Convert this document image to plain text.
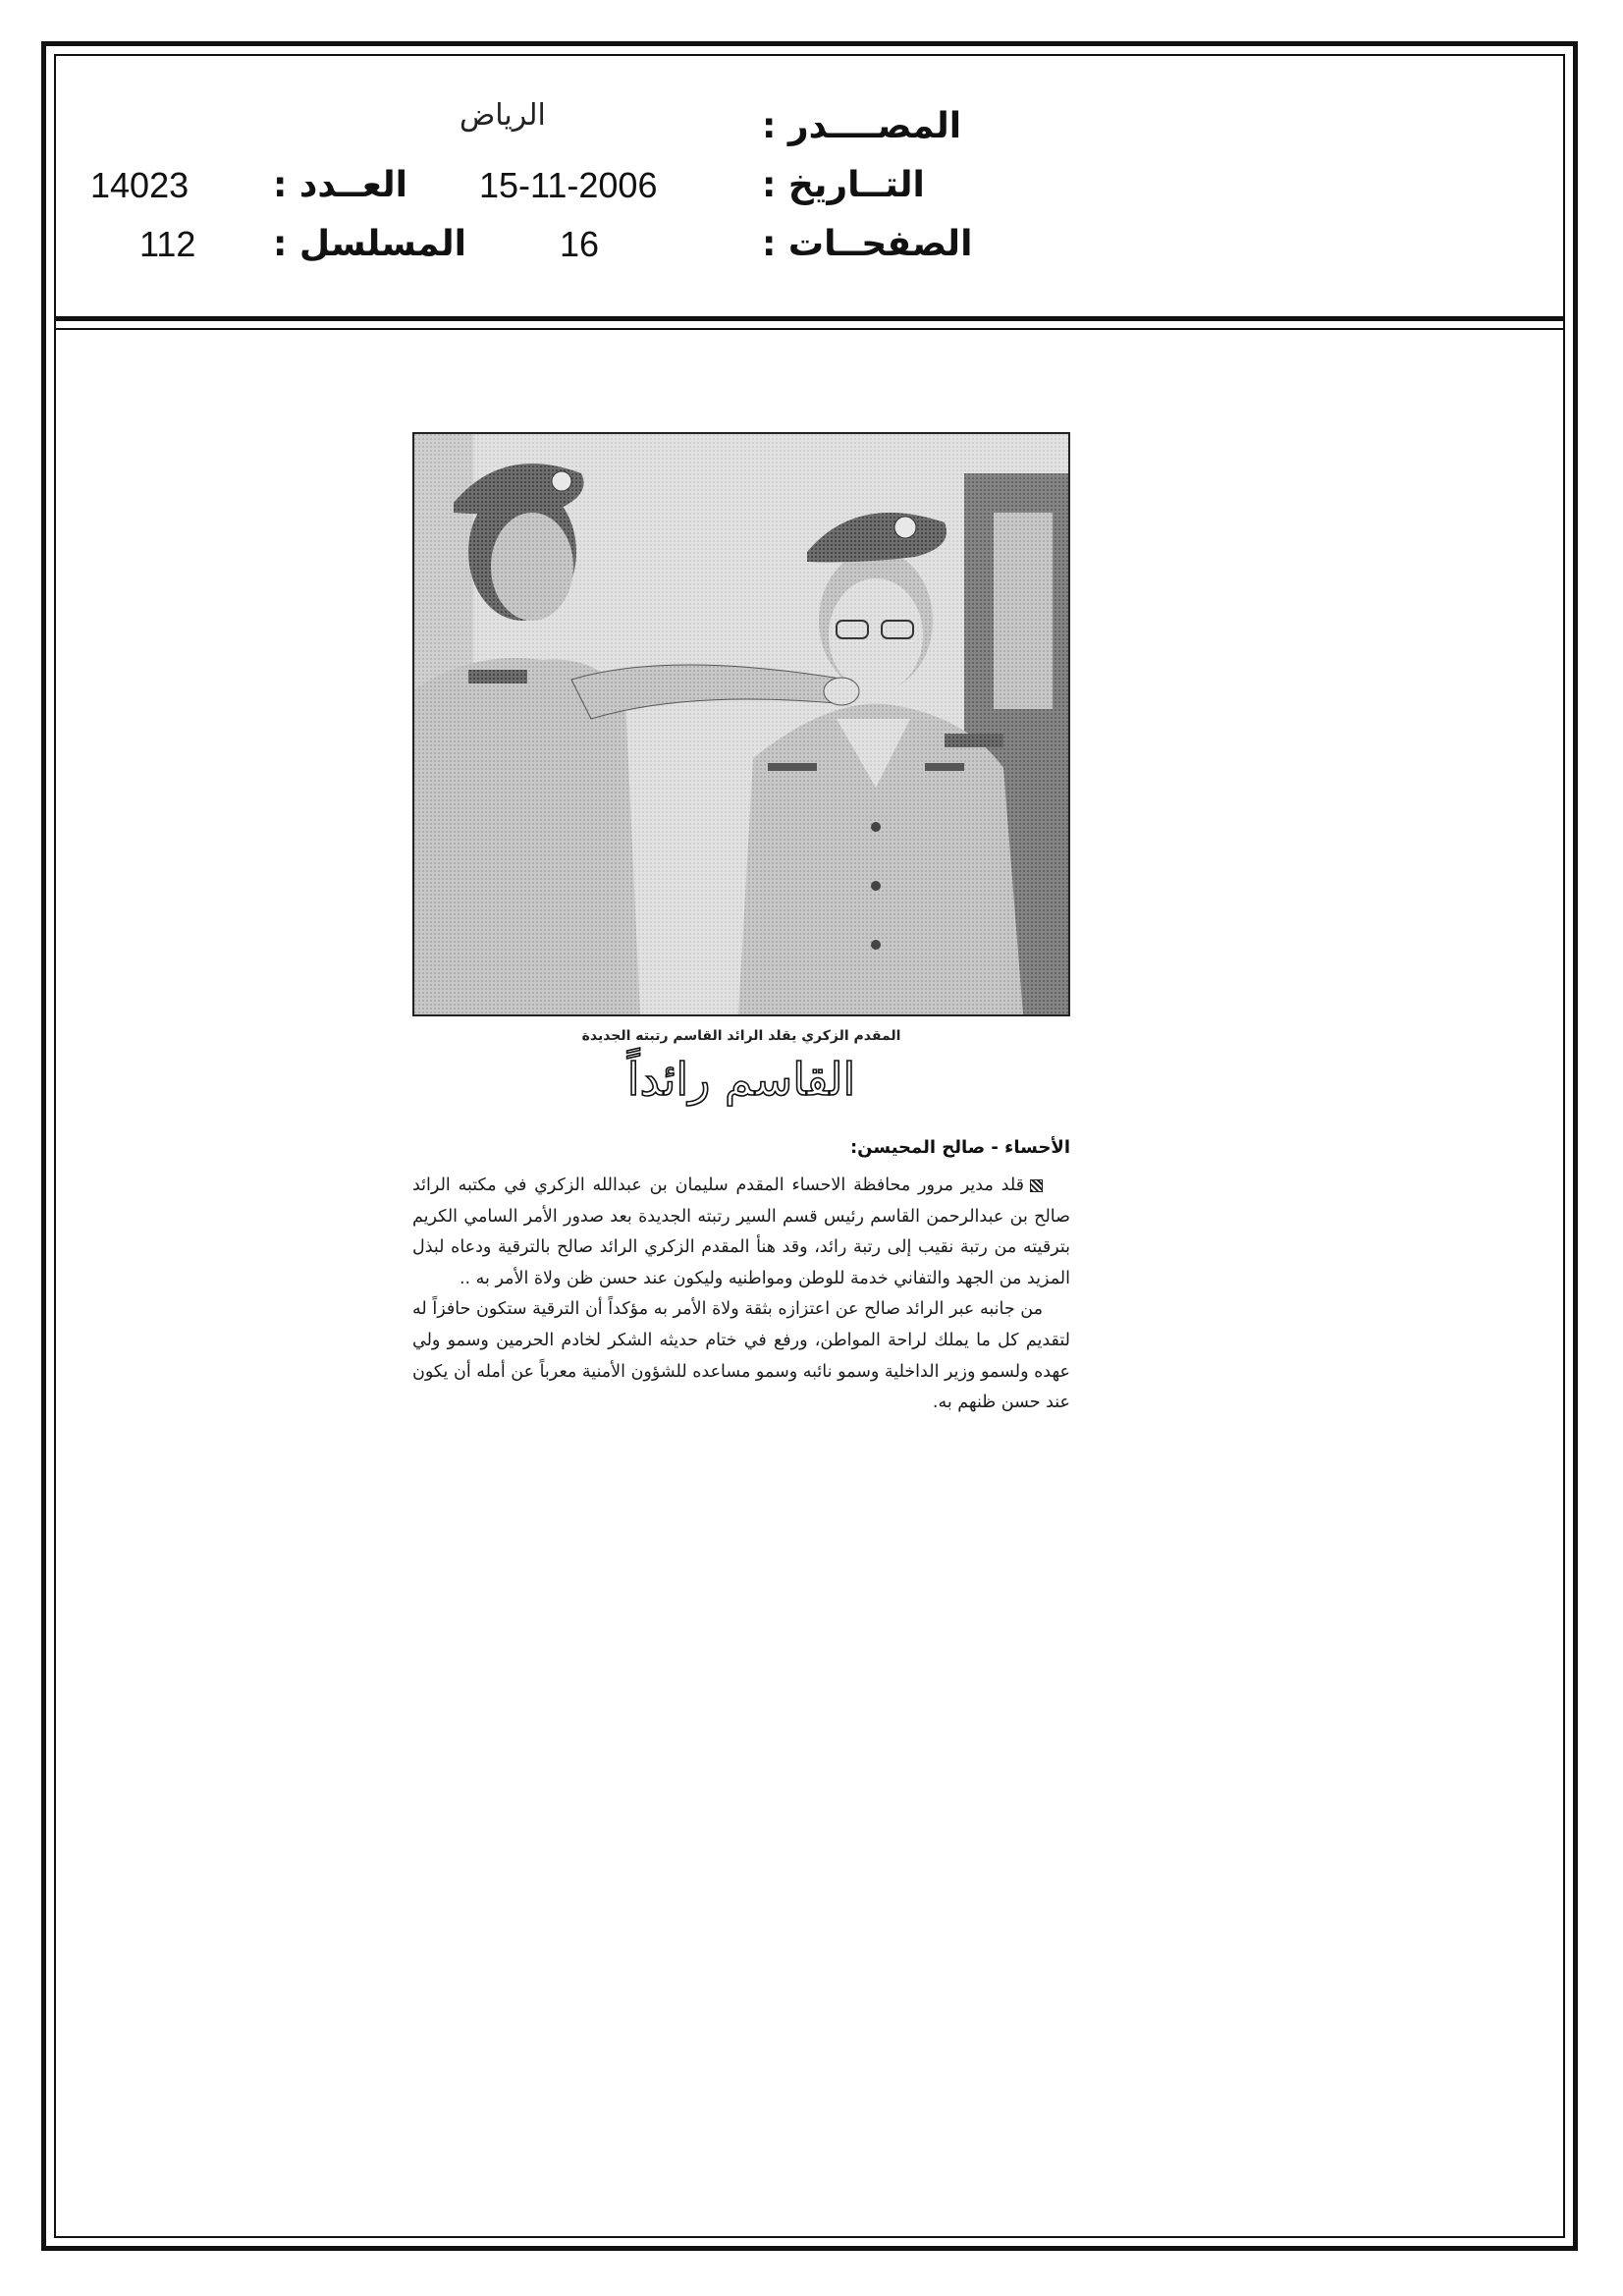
المصــــدر :
التــاريخ :
الصفحــات :
الرياض
15-11-2006
16
العــدد :
المسلسل :
14023
112
المقدم الزكري يقلد الرائد القاسم رتبته الجديدة
القاسم رائداً
الأحساء - صالح المحيسن:

قلد مدير مرور محافظة الاحساء المقدم سليمان بن عبدالله الزكري في مكتبه الرائد صالح بن عبدالرحمن القاسم رئيس قسم السير رتبته الجديدة بعد صدور الأمر السامي الكريم بترقيته من رتبة نقيب إلى رتبة رائد، وقد هنأ المقدم الزكري الرائد صالح بالترقية ودعاه لبذل المزيد من الجهد والتفاني خدمة للوطن ومواطنيه وليكون عند حسن ظن ولاة الأمر به ..

من جانبه عبر الرائد صالح عن اعتزازه بثقة ولاة الأمر به مؤكداً أن الترقية ستكون حافزاً له لتقديم كل ما يملك لراحة المواطن، ورفع في ختام حديثه الشكر لخادم الحرمين وسمو ولي عهده ولسمو وزير الداخلية وسمو نائبه وسمو مساعده للشؤون الأمنية معرباً عن أمله أن يكون عند حسن ظنهم به.
